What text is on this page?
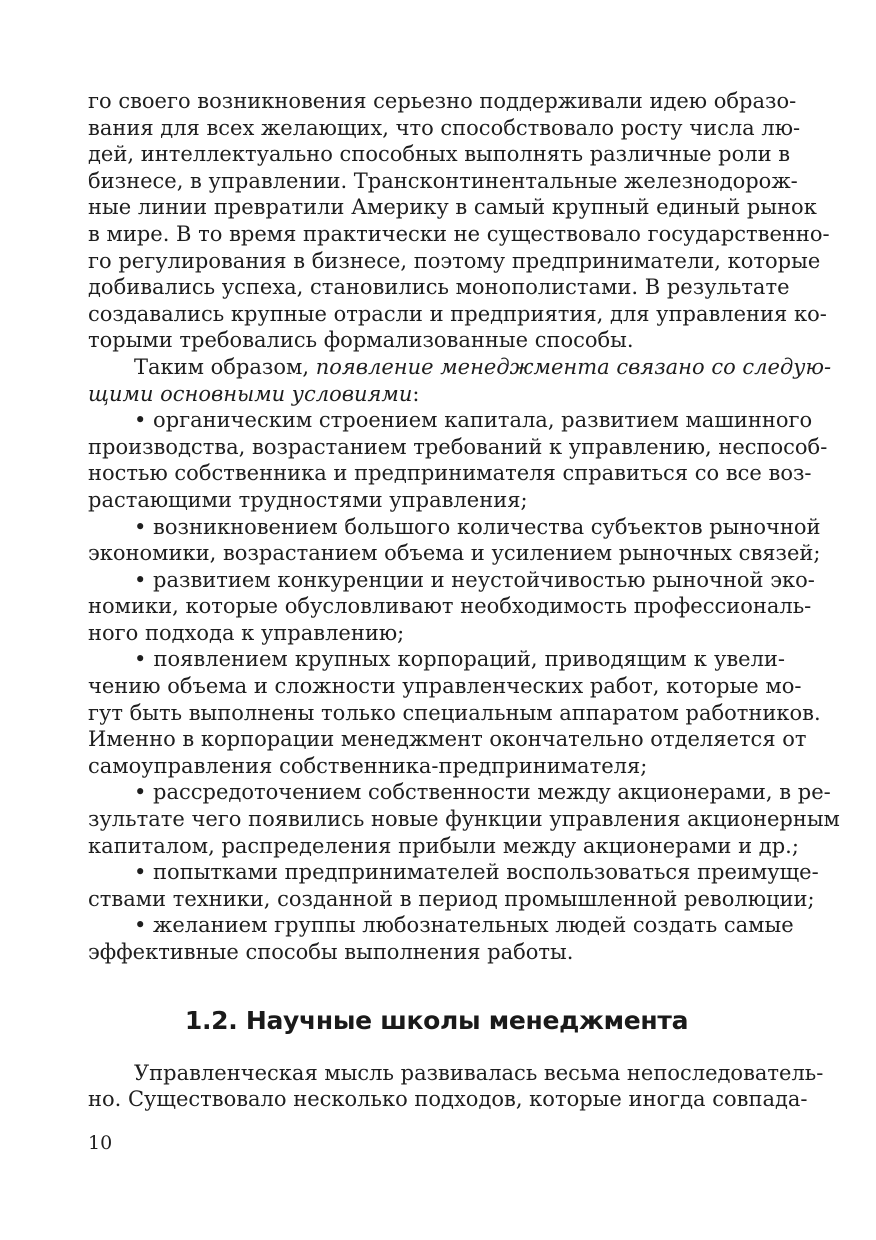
го своего возникновения серьезно поддерживали идею образо-
вания для всех желающих, что способствовало росту числа лю-
дей, интеллектуально способных выполнять различные роли в
бизнесе, в управлении. Трансконтинентальные железнодорож-
ные линии превратили Америку в самый крупный единый рынок
в мире. В то время практически не существовало государственно-
го регулирования в бизнесе, поэтому предприниматели, которые
добивались успеха, становились монополистами. В результате
создавались крупные отрасли и предприятия, для управления ко-
торыми требовались формализованные способы.
Таким образом, появление менеджмента связано со следую-
щими основными условиями:
• органическим строением капитала, развитием машинного
производства, возрастанием требований к управлению, неспособ-
ностью собственника и предпринимателя справиться со все воз-
растающими трудностями управления;
• возникновением большого количества субъектов рыночной
экономики, возрастанием объема и усилением рыночных связей;
• развитием конкуренции и неустойчивостью рыночной эко-
номики, которые обусловливают необходимость профессиональ-
ного подхода к управлению;
• появлением крупных корпораций, приводящим к увели-
чению объема и сложности управленческих работ, которые мо-
гут быть выполнены только специальным аппаратом работников.
Именно в корпорации менеджмент окончательно отделяется от
самоуправления собственника-предпринимателя;
• рассредоточением собственности между акционерами, в ре-
зультате чего появились новые функции управления акционерным
капиталом, распределения прибыли между акционерами и др.;
• попытками предпринимателей воспользоваться преимуще-
ствами техники, созданной в период промышленной революции;
• желанием группы любознательных людей создать самые
эффективные способы выполнения работы.
1.2. Научные школы менеджмента
Управленческая мысль развивалась весьма непоследователь-
но. Существовало несколько подходов, которые иногда совпада-
10
